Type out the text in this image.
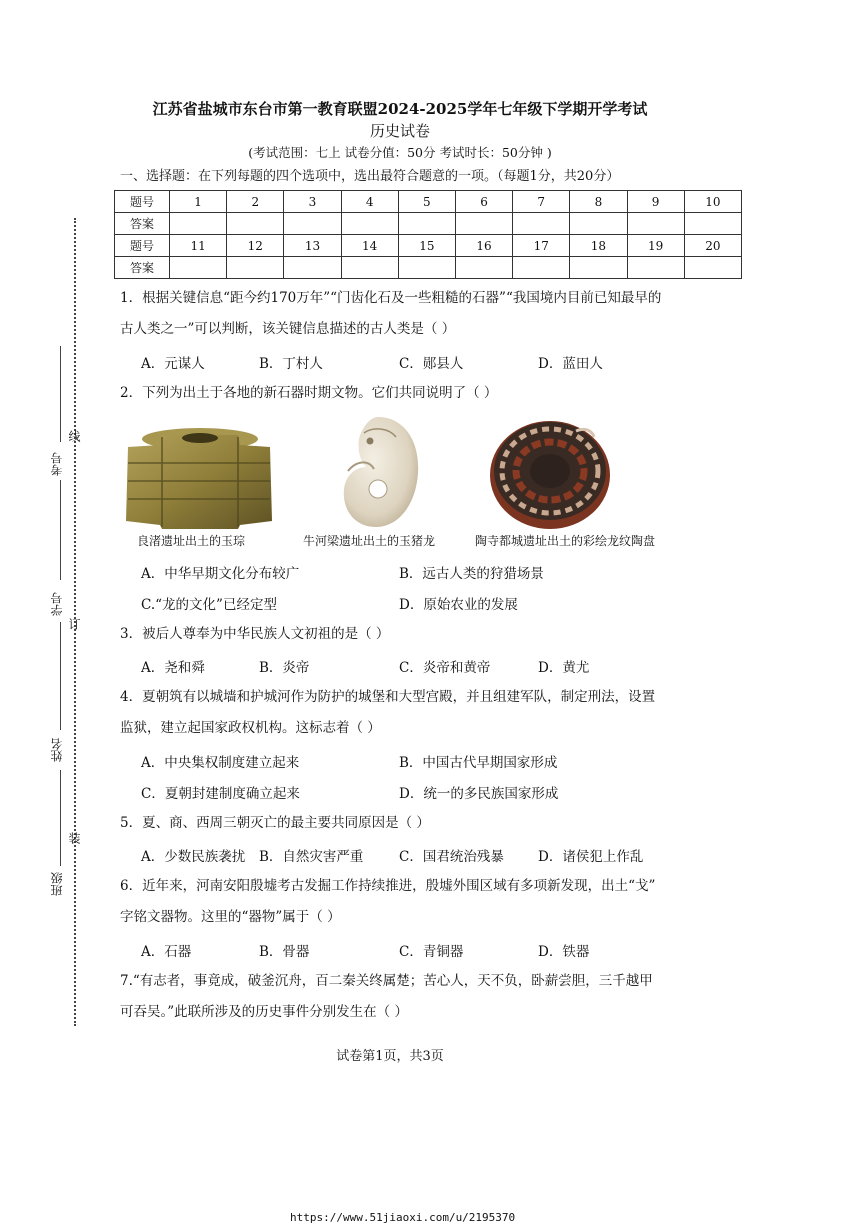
线
订
装
考号
学号
姓名
班级
江苏省盐城市东台市第一教育联盟2024-2025学年七年级下学期开学考试
历史试卷
(考试范围：七上 试卷分值：50分 考试时长：50分钟 )
一、选择题：在下列每题的四个选项中，选出最符合题意的一项。（每题1分，共20分）
题号	1	2	3	4	5	6	7	8	9	10
答案										
题号	11	12	13	14	15	16	17	18	19	20
答案										
1．根据关键信息“距今约170万年”“门齿化石及一些粗糙的石器”“我国境内目前已知最早的
古人类之一”可以判断，该关键信息描述的古人类是（ ）
A．元谋人	B．丁村人	C．郧县人	D．蓝田人
2．下列为出土于各地的新石器时期文物。它们共同说明了（ ）
良渚遗址出土的玉琮	牛河梁遗址出土的玉猪龙	陶寺都城遗址出土的彩绘龙纹陶盘
A．中华早期文化分布较广	B．远古人类的狩猎场景
C.“龙的文化”已经定型	D．原始农业的发展
3．被后人尊奉为中华民族人文初祖的是（ ）
A．尧和舜	B．炎帝	C．炎帝和黄帝	D．黄尤
4．夏朝筑有以城墙和护城河作为防护的城堡和大型宫殿，并且组建军队，制定刑法，设置
监狱，建立起国家政权机构。这标志着（ ）
A．中央集权制度建立起来	B．中国古代早期国家形成
C．夏朝封建制度确立起来	D．统一的多民族国家形成
5．夏、商、西周三朝灭亡的最主要共同原因是（ ）
A．少数民族袭扰 B．自然灾害严重	C．国君统治残暴	D．诸侯犯上作乱
6．近年来，河南安阳殷墟考古发掘工作持续推进，殷墟外围区域有多项新发现，出土“戈”
字铭文器物。这里的“器物”属于（ ）
A．石器	B．骨器	C．青铜器	D．铁器
7.“有志者，事竟成，破釜沉舟，百二秦关终属楚；苦心人，天不负，卧薪尝胆，三千越甲
可吞吴。”此联所涉及的历史事件分别发生在（ ）
试卷第1页，共3页
https://www.51jiaoxi.com/u/2195370
